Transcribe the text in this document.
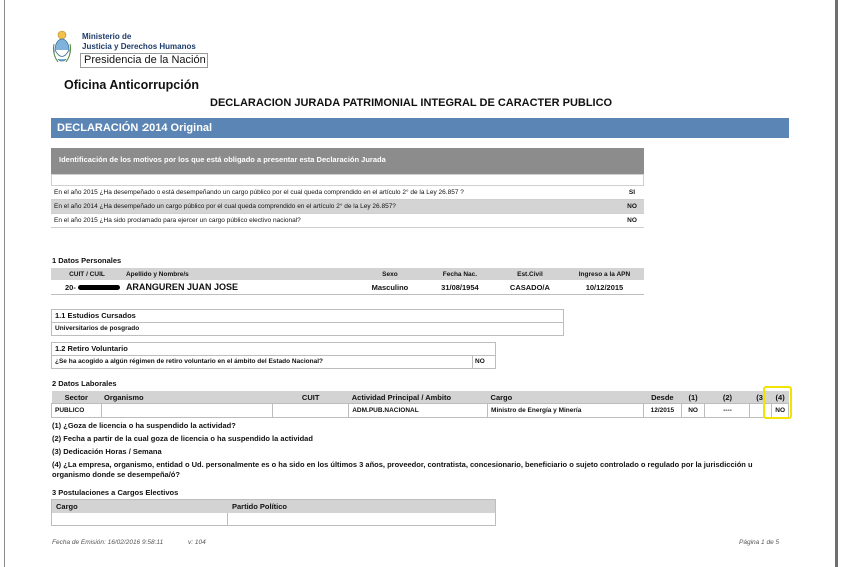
Ministerio de
Justicia y Derechos Humanos
Presidencia de la Nación
Oficina Anticorrupción
DECLARACION JURADA PATRIMONIAL INTEGRAL DE CARACTER PUBLICO
DECLARACIÓN :
2014 Original
Identificación de los motivos por los que está obligado a presentar esta Declaración Jurada
En el año 2015 ¿Ha desempeñado o está desempeñando un cargo público por el cual queda comprendido en el artículo 2° de la Ley 26.857 ?	SI
En el año 2014 ¿Ha desempeñado un cargo público por el cual queda comprendido en el artículo 2° de la Ley 26.857?	NO
En el año 2015 ¿Ha sido proclamado para ejercer un cargo público electivo nacional?	NO
1 Datos Personales
CUIT / CUIL	Apellido y Nombre/s	Sexo	Fecha Nac.	Est.Civil	Ingreso a la APN
20-	ARANGUREN JUAN JOSE	Masculino	31/08/1954	CASADO/A	10/12/2015
1.1 Estudios Cursados
Universitarios de posgrado
1.2 Retiro Voluntario
¿Se ha acogido a algún régimen de retiro voluntario en el ámbito del Estado Nacional?	NO
2 Datos Laborales
Sector	Organismo	CUIT	Actividad Principal / Ambito	Cargo	Desde	(1)	(2)	(3)	(4)
PUBLICO			ADM.PUB.NACIONAL	Ministro de Energía y Minería	12/2015	NO	----		NO
(1) ¿Goza de licencia o ha suspendido la actividad?
(2) Fecha a partir de la cual goza de licencia o ha suspendido la actividad
(3) Dedicación Horas / Semana
(4) ¿La empresa, organismo, entidad o Ud. personalmente es o ha sido en los últimos 3 años, proveedor, contratista, concesionario, beneficiario o sujeto controlado o regulado por la jurisdicción u organismo donde se desempeña/ó?
3 Postulaciones a Cargos Electivos
Cargo	Partido Político
Fecha de Emisión: 16/02/2016 9:58:11	v: 104	Página 1 de 5
